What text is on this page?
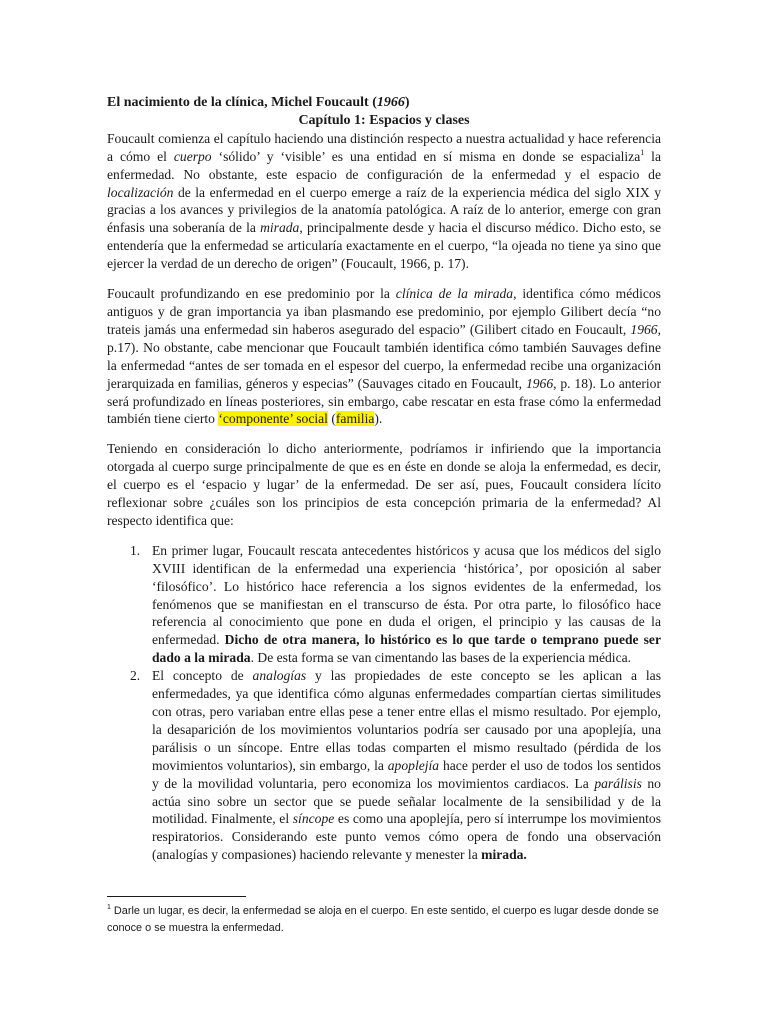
El nacimiento de la clínica, Michel Foucault (1966)

Capítulo 1: Espacios y clases

Foucault comienza el capítulo haciendo una distinción respecto a nuestra actualidad y hace referencia a cómo el cuerpo ‘sólido’ y ‘visible’ es una entidad en sí misma en donde se espacializa$^1$ la enfermedad. No obstante, este espacio de configuración de la enfermedad y el espacio de localización de la enfermedad en el cuerpo emerge a raíz de la experiencia médica del siglo XIX y gracias a los avances y privilegios de la anatomía patológica. A raíz de lo anterior, emerge con gran énfasis una soberanía de la mirada, principalmente desde y hacia el discurso médico. Dicho esto, se entendería que la enfermedad se articularía exactamente en el cuerpo, “la ojeada no tiene ya sino que ejercer la verdad de un derecho de origen” (Foucault, 1966, p. 17).

Foucault profundizando en ese predominio por la clínica de la mirada, identifica cómo médicos antiguos y de gran importancia ya iban plasmando ese predominio, por ejemplo Gilibert decía “no trateis jamás una enfermedad sin haberos asegurado del espacio” (Gilibert citado en Foucault, 1966, p.17). No obstante, cabe mencionar que Foucault también identifica cómo también Sauvages define la enfermedad “antes de ser tomada en el espesor del cuerpo, la enfermedad recibe una organización jerarquizada en familias, géneros y especias” (Sauvages citado en Foucault, 1966, p. 18). Lo anterior será profundizado en líneas posteriores, sin embargo, cabe rescatar en esta frase cómo la enfermedad también tiene cierto ‘componente’ social (familia).

Teniendo en consideración lo dicho anteriormente, podríamos ir infiriendo que la importancia otorgada al cuerpo surge principalmente de que es en éste en donde se aloja la enfermedad, es decir, el cuerpo es el ‘espacio y lugar’ de la enfermedad. De ser así, pues, Foucault considera lícito reflexionar sobre ¿cuáles son los principios de esta concepción primaria de la enfermedad? Al respecto identifica que:

1. En primer lugar, Foucault rescata antecedentes históricos y acusa que los médicos del siglo XVIII identifican de la enfermedad una experiencia ‘histórica’, por oposición al saber ‘filosófico’. Lo histórico hace referencia a los signos evidentes de la enfermedad, los fenómenos que se manifiestan en el transcurso de ésta. Por otra parte, lo filosófico hace referencia al conocimiento que pone en duda el origen, el principio y las causas de la enfermedad. Dicho de otra manera, lo histórico es lo que tarde o temprano puede ser dado a la mirada. De esta forma se van cimentando las bases de la experiencia médica.
2. El concepto de analogías y las propiedades de este concepto se les aplican a las enfermedades, ya que identifica cómo algunas enfermedades compartían ciertas similitudes con otras, pero variaban entre ellas pese a tener entre ellas el mismo resultado. Por ejemplo, la desaparición de los movimientos voluntarios podría ser causado por una apoplejía, una parálisis o un síncope. Entre ellas todas comparten el mismo resultado (pérdida de los movimientos voluntarios), sin embargo, la apoplejía hace perder el uso de todos los sentidos y de la movilidad voluntaria, pero economiza los movimientos cardiacos. La parálisis no actúa sino sobre un sector que se puede señalar localmente de la sensibilidad y de la motilidad. Finalmente, el síncope es como una apoplejía, pero sí interrumpe los movimientos respiratorios. Considerando este punto vemos cómo opera de fondo una observación (analogías y compasiones) haciendo relevante y menester la mirada.
$^1$ Darle un lugar, es decir, la enfermedad se aloja en el cuerpo. En este sentido, el cuerpo es lugar desde donde se conoce o se muestra la enfermedad.
